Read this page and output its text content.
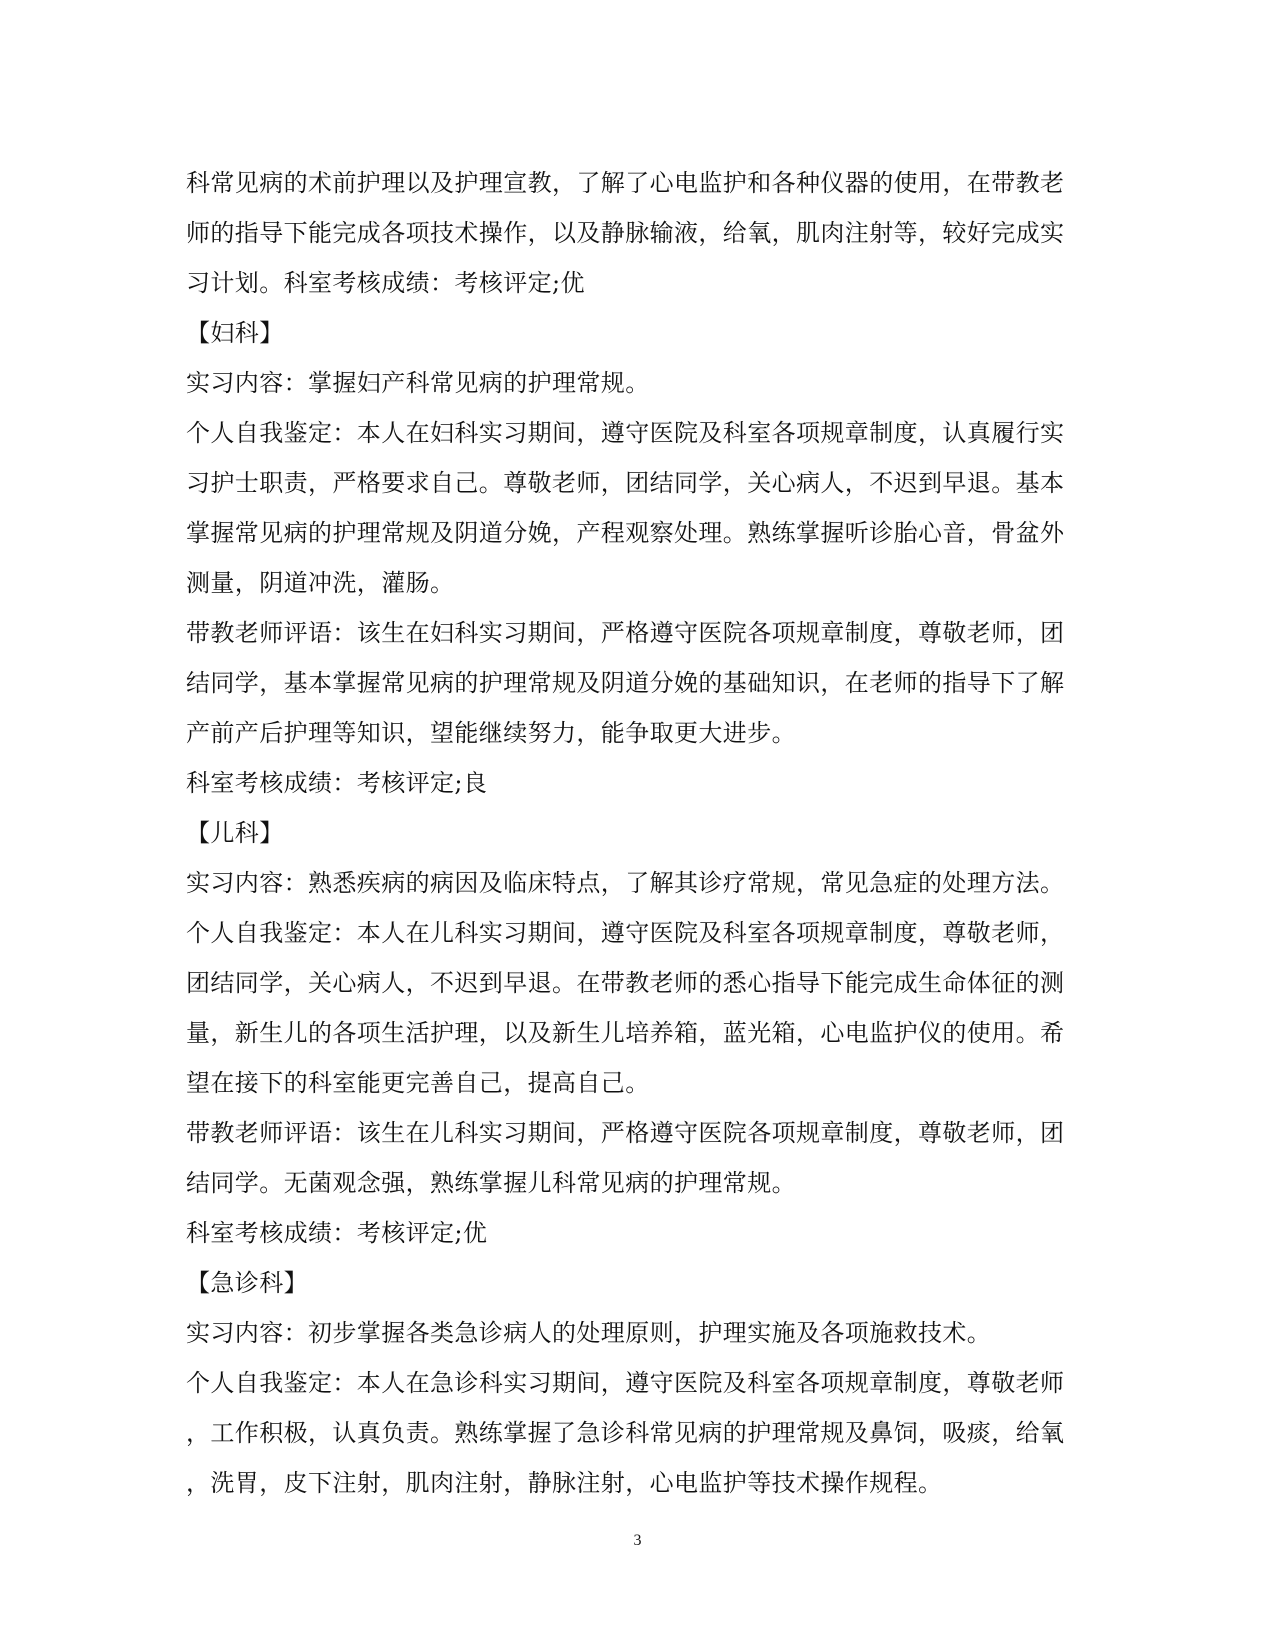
科常见病的术前护理以及护理宣教，了解了心电监护和各种仪器的使用，在带教老
师的指导下能完成各项技术操作，以及静脉输液，给氧，肌肉注射等，较好完成实
习计划。科室考核成绩：考核评定;优
【妇科】
实习内容：掌握妇产科常见病的护理常规。
个人自我鉴定：本人在妇科实习期间，遵守医院及科室各项规章制度，认真履行实
习护士职责，严格要求自己。尊敬老师，团结同学，关心病人，不迟到早退。基本
掌握常见病的护理常规及阴道分娩，产程观察处理。熟练掌握听诊胎心音，骨盆外
测量，阴道冲洗，灌肠。
带教老师评语：该生在妇科实习期间，严格遵守医院各项规章制度，尊敬老师，团
结同学，基本掌握常见病的护理常规及阴道分娩的基础知识，在老师的指导下了解
产前产后护理等知识，望能继续努力，能争取更大进步。
科室考核成绩：考核评定;良
【儿科】
实习内容：熟悉疾病的病因及临床特点，了解其诊疗常规，常见急症的处理方法。
个人自我鉴定：本人在儿科实习期间，遵守医院及科室各项规章制度，尊敬老师，
团结同学，关心病人，不迟到早退。在带教老师的悉心指导下能完成生命体征的测
量，新生儿的各项生活护理，以及新生儿培养箱，蓝光箱，心电监护仪的使用。希
望在接下的科室能更完善自己，提高自己。
带教老师评语：该生在儿科实习期间，严格遵守医院各项规章制度，尊敬老师，团
结同学。无菌观念强，熟练掌握儿科常见病的护理常规。
科室考核成绩：考核评定;优
【急诊科】
实习内容：初步掌握各类急诊病人的处理原则，护理实施及各项施救技术。
个人自我鉴定：本人在急诊科实习期间，遵守医院及科室各项规章制度，尊敬老师
，工作积极，认真负责。熟练掌握了急诊科常见病的护理常规及鼻饲，吸痰，给氧
，洗胃，皮下注射，肌肉注射，静脉注射，心电监护等技术操作规程。
3
